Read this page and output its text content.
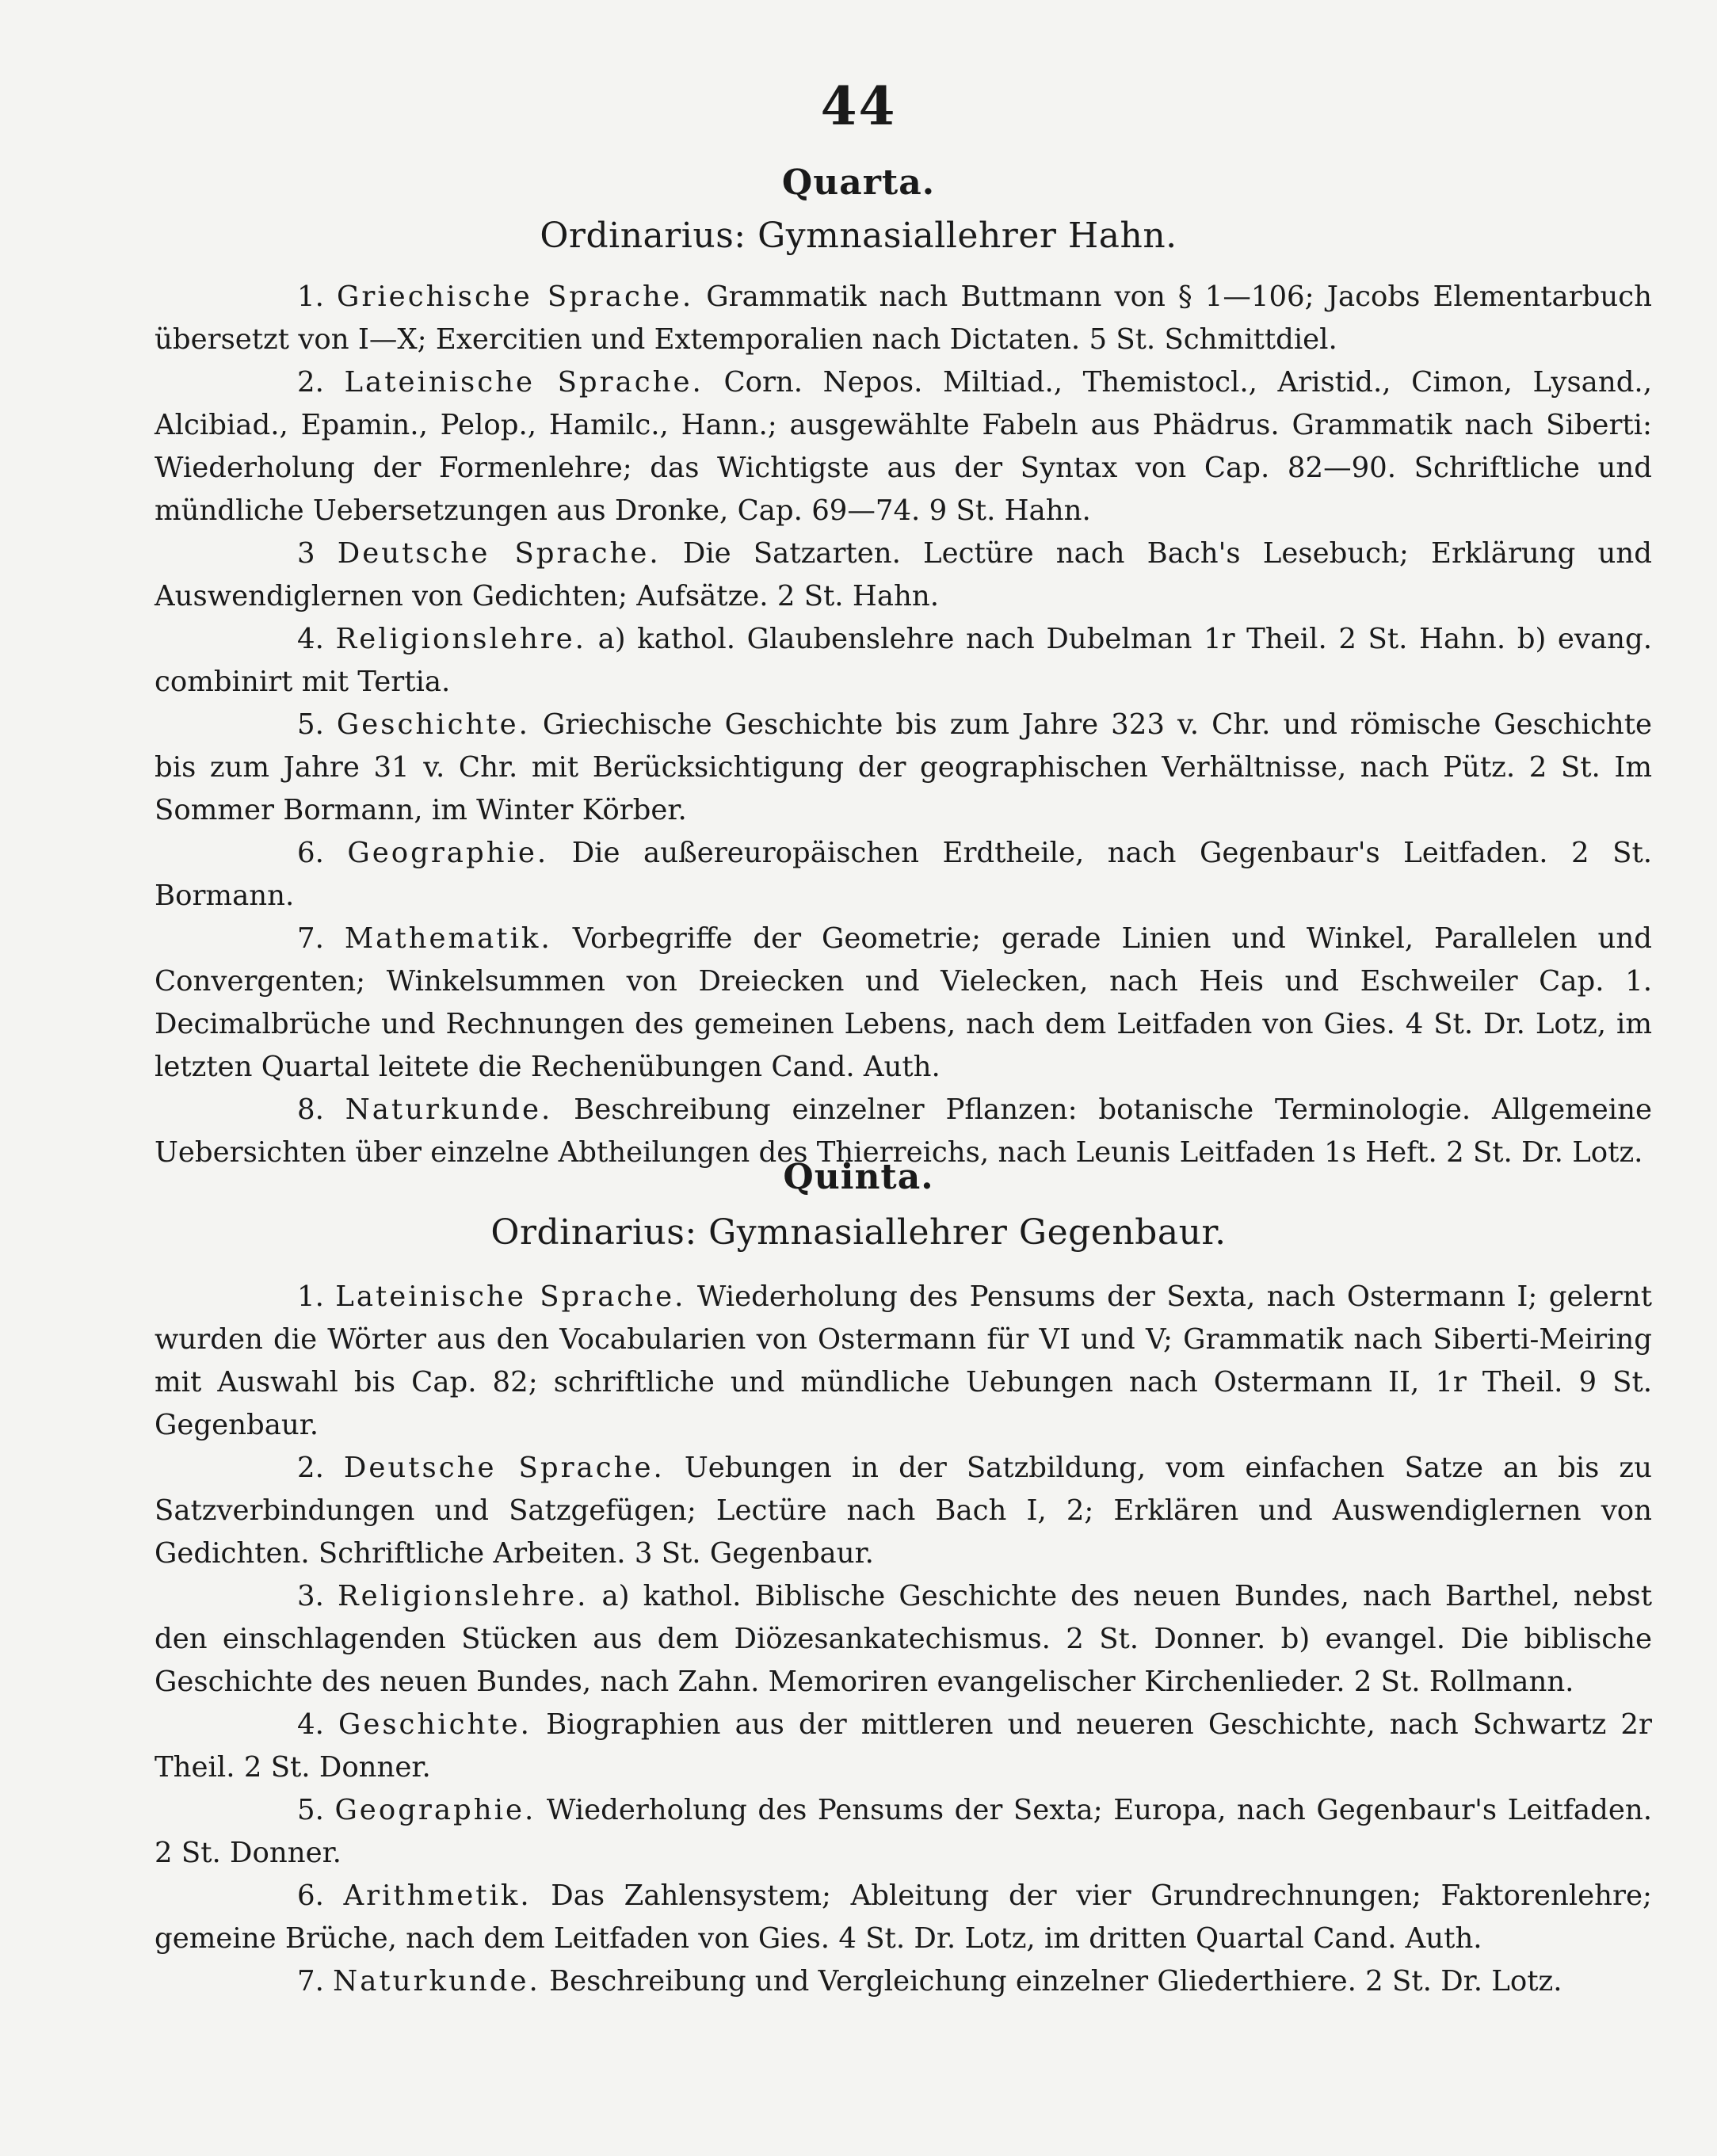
44
Quarta.
Ordinarius: Gymnasiallehrer Hahn.

1. Griechische Sprache. Grammatik nach Buttmann von § 1—106; Jacobs Elementarbuch übersetzt von I—X; Exercitien und Extemporalien nach Dictaten. 5 St. Schmittdiel.

2. Lateinische Sprache. Corn. Nepos. Miltiad., Themistocl., Aristid., Cimon, Lysand., Alcibiad., Epamin., Pelop., Hamilc., Hann.; ausgewählte Fabeln aus Phädrus. Grammatik nach Siberti: Wiederholung der Formenlehre; das Wichtigste aus der Syntax von Cap. 82—90. Schriftliche und mündliche Uebersetzungen aus Dronke, Cap. 69—74. 9 St. Hahn.

3 Deutsche Sprache. Die Satzarten. Lectüre nach Bach's Lesebuch; Erklärung und Auswendiglernen von Gedichten; Aufsätze. 2 St. Hahn.

4. Religionslehre. a) kathol. Glaubenslehre nach Dubelman 1r Theil. 2 St. Hahn. b) evang. combinirt mit Tertia.

5. Geschichte. Griechische Geschichte bis zum Jahre 323 v. Chr. und römische Geschichte bis zum Jahre 31 v. Chr. mit Berücksichtigung der geographischen Verhältnisse, nach Pütz. 2 St. Im Sommer Bormann, im Winter Körber.

6. Geographie. Die außereuropäischen Erdtheile, nach Gegenbaur's Leitfaden. 2 St. Bormann.

7. Mathematik. Vorbegriffe der Geometrie; gerade Linien und Winkel, Parallelen und Convergenten; Winkelsummen von Dreiecken und Vielecken, nach Heis und Eschweiler Cap. 1. Decimalbrüche und Rechnungen des gemeinen Lebens, nach dem Leitfaden von Gies. 4 St. Dr. Lotz, im letzten Quartal leitete die Rechenübungen Cand. Auth.

8. Naturkunde. Beschreibung einzelner Pflanzen: botanische Terminologie. Allgemeine Uebersichten über einzelne Abtheilungen des Thierreichs, nach Leunis Leitfaden 1s Heft. 2 St. Dr. Lotz.

Quinta.
Ordinarius: Gymnasiallehrer Gegenbaur.

1. Lateinische Sprache. Wiederholung des Pensums der Sexta, nach Ostermann I; gelernt wurden die Wörter aus den Vocabularien von Ostermann für VI und V; Grammatik nach Siberti-Meiring mit Auswahl bis Cap. 82; schriftliche und mündliche Uebungen nach Ostermann II, 1r Theil. 9 St. Gegenbaur.

2. Deutsche Sprache. Uebungen in der Satzbildung, vom einfachen Satze an bis zu Satzverbindungen und Satzgefügen; Lectüre nach Bach I, 2; Erklären und Auswendiglernen von Gedichten. Schriftliche Arbeiten. 3 St. Gegenbaur.

3. Religionslehre. a) kathol. Biblische Geschichte des neuen Bundes, nach Barthel, nebst den einschlagenden Stücken aus dem Diözesankatechismus. 2 St. Donner. b) evangel. Die biblische Geschichte des neuen Bundes, nach Zahn. Memoriren evangelischer Kirchenlieder. 2 St. Rollmann.

4. Geschichte. Biographien aus der mittleren und neueren Geschichte, nach Schwartz 2r Theil. 2 St. Donner.

5. Geographie. Wiederholung des Pensums der Sexta; Europa, nach Gegenbaur's Leitfaden. 2 St. Donner.

6. Arithmetik. Das Zahlensystem; Ableitung der vier Grundrechnungen; Faktorenlehre; gemeine Brüche, nach dem Leitfaden von Gies. 4 St. Dr. Lotz, im dritten Quartal Cand. Auth.

7. Naturkunde. Beschreibung und Vergleichung einzelner Gliederthiere. 2 St. Dr. Lotz.
